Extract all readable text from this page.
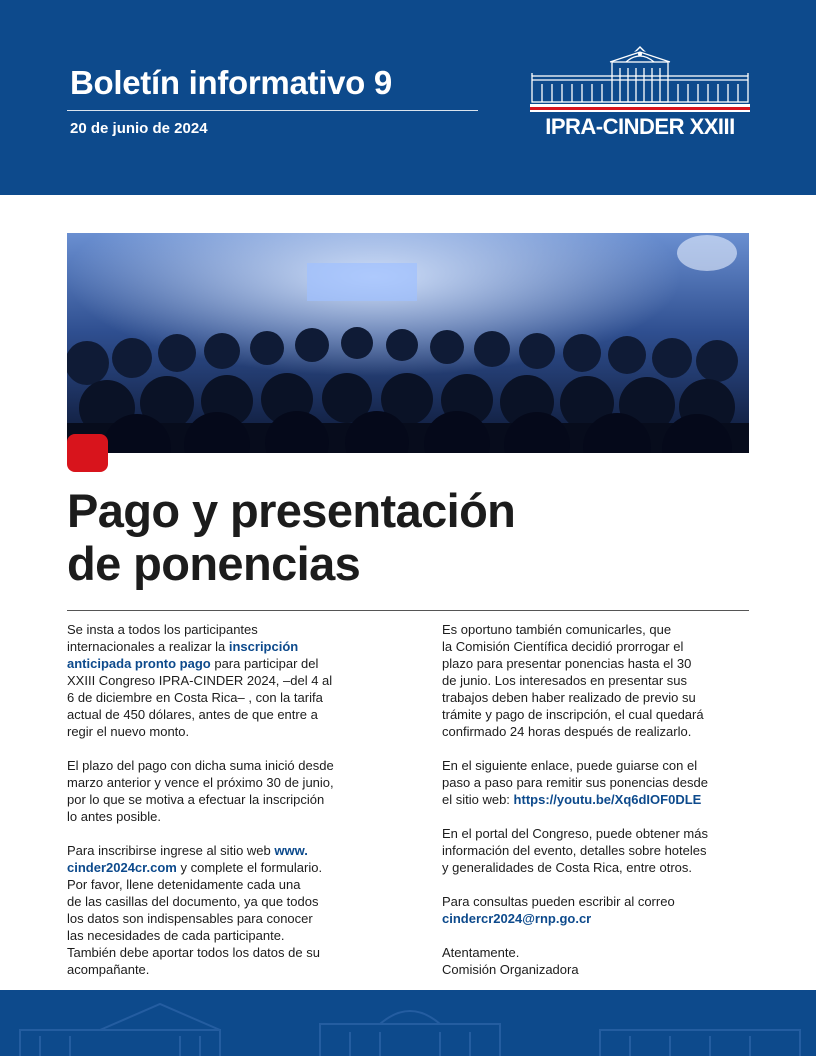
Boletín informativo 9
20 de junio de 2024	IPRA-CINDER XXIII
Pago y presentación
de ponencias

Se insta a todos los participantes
internacionales a realizar la inscripción
anticipada pronto pago para participar del
XXIII Congreso IPRA-CINDER 2024, –del 4 al
6 de diciembre en Costa Rica– , con la tarifa
actual de 450 dólares, antes de que entre a
regir el nuevo monto.

El plazo del pago con dicha suma inició desde
marzo anterior y vence el próximo 30 de junio,
por lo que se motiva a efectuar la inscripción
lo antes posible.

Para inscribirse ingrese al sitio web www.
cinder2024cr.com y complete el formulario.
Por favor, llene detenidamente cada una
de las casillas del documento, ya que todos
los datos son indispensables para conocer
las necesidades de cada participante.
También debe aportar todos los datos de su
acompañante.

Es oportuno también comunicarles, que
la Comisión Científica decidió prorrogar el
plazo para presentar ponencias hasta el 30
de junio. Los interesados en presentar sus
trabajos deben haber realizado de previo su
trámite y pago de inscripción, el cual quedará
confirmado 24 horas después de realizarlo.

En el siguiente enlace, puede guiarse con el
paso a paso para remitir sus ponencias desde
el sitio web: https://youtu.be/Xq6dIOF0DLE

En el portal del Congreso, puede obtener más
información del evento, detalles sobre hoteles
y generalidades de Costa Rica, entre otros.

Para consultas pueden escribir al correo
cindercr2024@rnp.go.cr

Atentamente.
Comisión Organizadora
